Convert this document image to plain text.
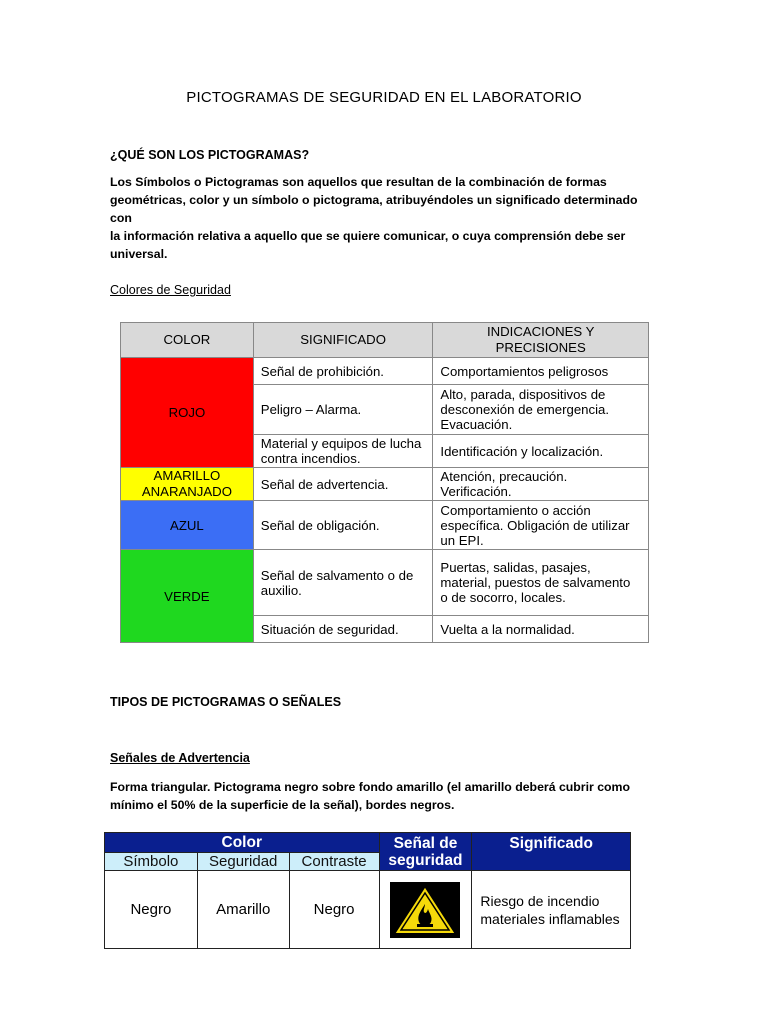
PICTOGRAMAS DE SEGURIDAD EN EL LABORATORIO
¿QUÉ SON LOS PICTOGRAMAS?
Los Símbolos o Pictogramas son aquellos que resultan de la combinación de formas
geométricas, color y un símbolo o pictograma, atribuyéndoles un significado determinado con
la información relativa a aquello que se quiere comunicar, o cuya comprensión debe ser
universal.
Colores de Seguridad
COLOR	SIGNIFICADO	INDICACIONES Y PRECISIONES
ROJO	Señal de prohibición.	Comportamientos peligrosos
	Peligro – Alarma.	Alto, parada, dispositivos de desconexión de emergencia. Evacuación.
	Material y equipos de lucha contra incendios.	Identificación y localización.
AMARILLO ANARANJADO	Señal de advertencia.	Atención, precaución. Verificación.
AZUL	Señal de obligación.	Comportamiento o acción específica. Obligación de utilizar un EPI.
VERDE	Señal de salvamento o de auxilio.	Puertas, salidas, pasajes, material, puestos de salvamento o de socorro, locales.
	Situación de seguridad.	Vuelta a la normalidad.
TIPOS DE PICTOGRAMAS O SEÑALES
Señales de Advertencia
Forma triangular. Pictograma negro sobre fondo amarillo (el amarillo deberá cubrir como
mínimo el 50% de la superficie de la señal), bordes negros.
Color			Señal de seguridad	Significado
Símbolo	Seguridad	Contraste		
Negro	Amarillo	Negro		Riesgo de incendio materiales inflamables
